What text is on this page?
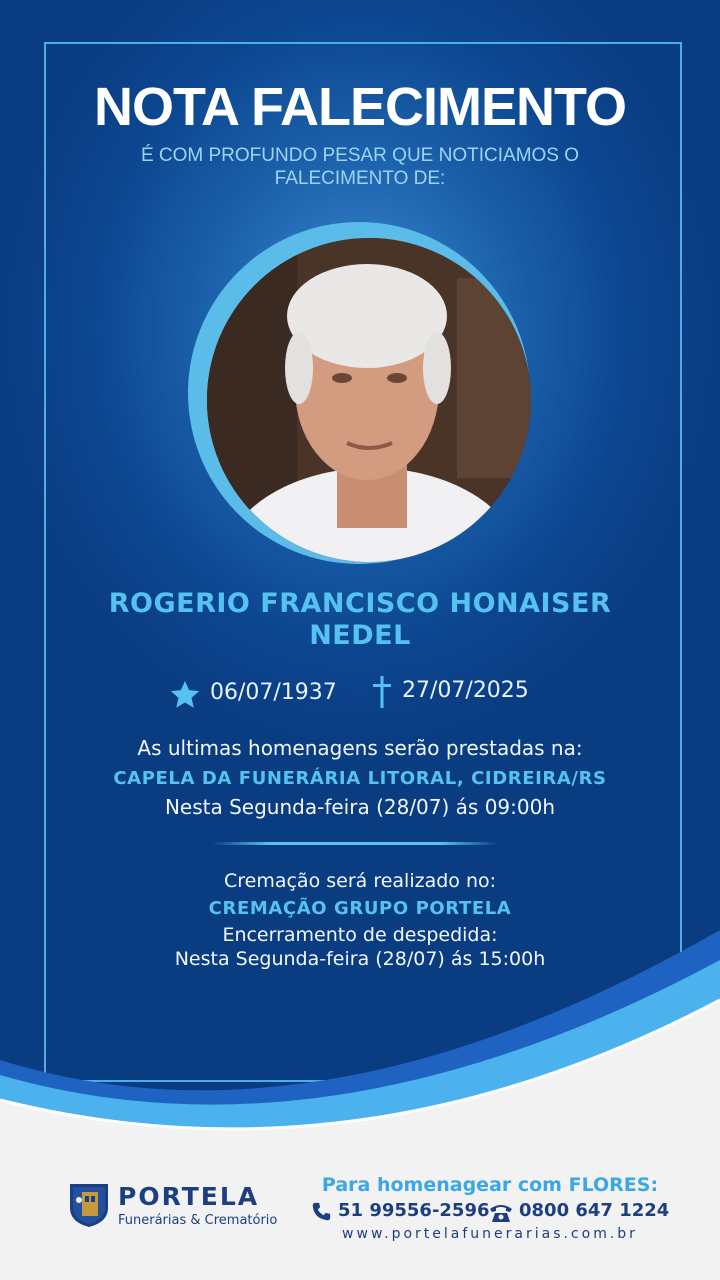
NOTA FALECIMENTO
É COM PROFUNDO PESAR QUE NOTICIAMOS O FALECIMENTO DE:
ROGERIO FRANCISCO HONAISER
NEDEL
06/07/1937	27/07/2025
As ultimas homenagens serão prestadas na:
CAPELA DA FUNERÁRIA LITORAL, CIDREIRA/RS
Nesta Segunda-feira (28/07) ás 09:00h
Cremação será realizado no:
CREMAÇÃO GRUPO PORTELA
Encerramento de despedida:
Nesta Segunda-feira (28/07) ás 15:00h
PORTELA
Funerárias & Crematório
Para homenagear com FLORES:
51 99556-2596 0800 647 1224
www.portelafunerarias.com.br
